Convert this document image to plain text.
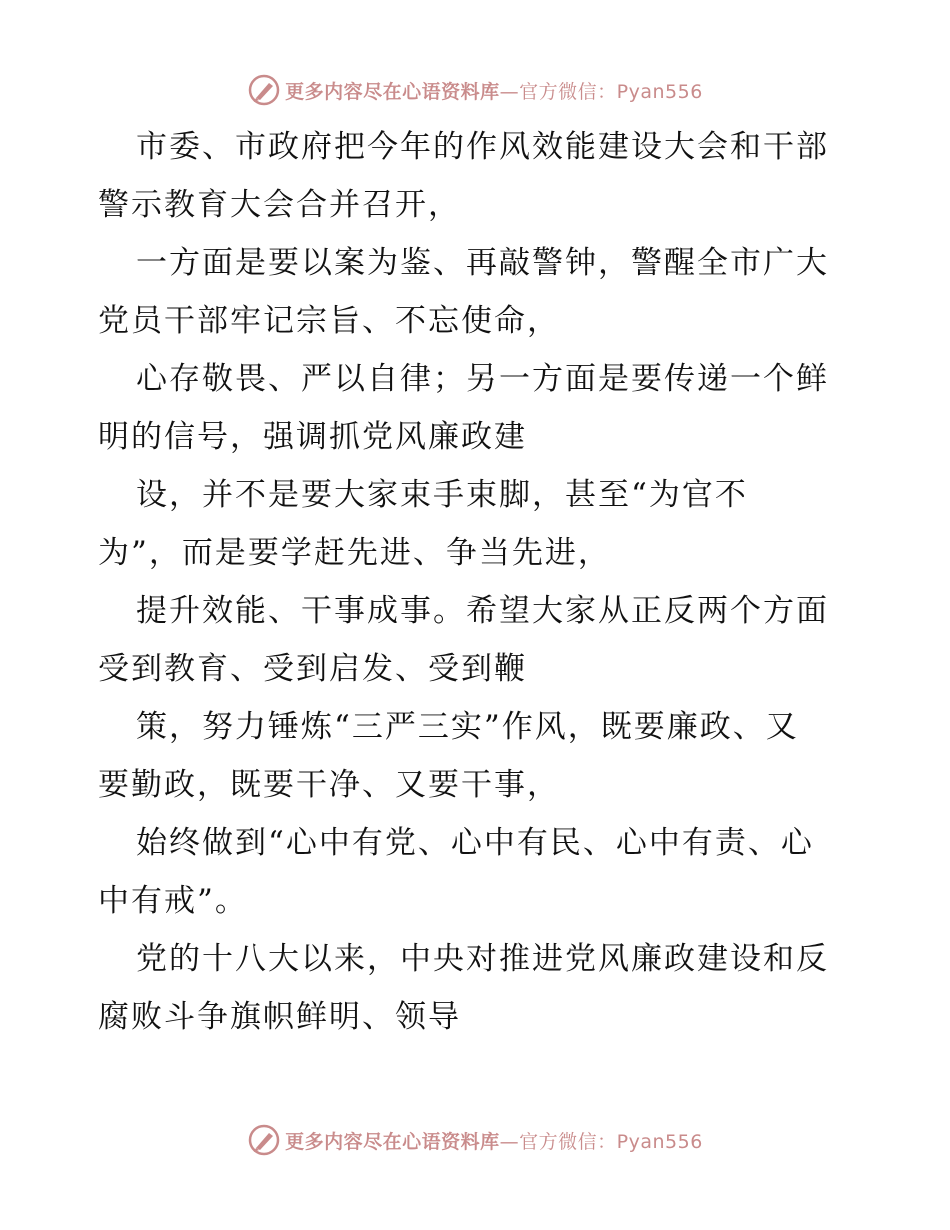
更多内容尽在心语资料库—官方微信：Pyan556

市委、市政府把今年的作风效能建设大会和干部
警示教育大会合并召开，

一方面是要以案为鉴、再敲警钟，警醒全市广大
党员干部牢记宗旨、不忘使命，

心存敬畏、严以自律；另一方面是要传递一个鲜
明的信号，强调抓党风廉政建

设，并不是要大家束手束脚，甚至“为官不
为”，而是要学赶先进、争当先进，

提升效能、干事成事。希望大家从正反两个方面
受到教育、受到启发、受到鞭

策，努力锤炼“三严三实”作风，既要廉政、又
要勤政，既要干净、又要干事，

始终做到“心中有党、心中有民、心中有责、心
中有戒”。

党的十八大以来，中央对推进党风廉政建设和反
腐败斗争旗帜鲜明、领导

更多内容尽在心语资料库—官方微信：Pyan556
